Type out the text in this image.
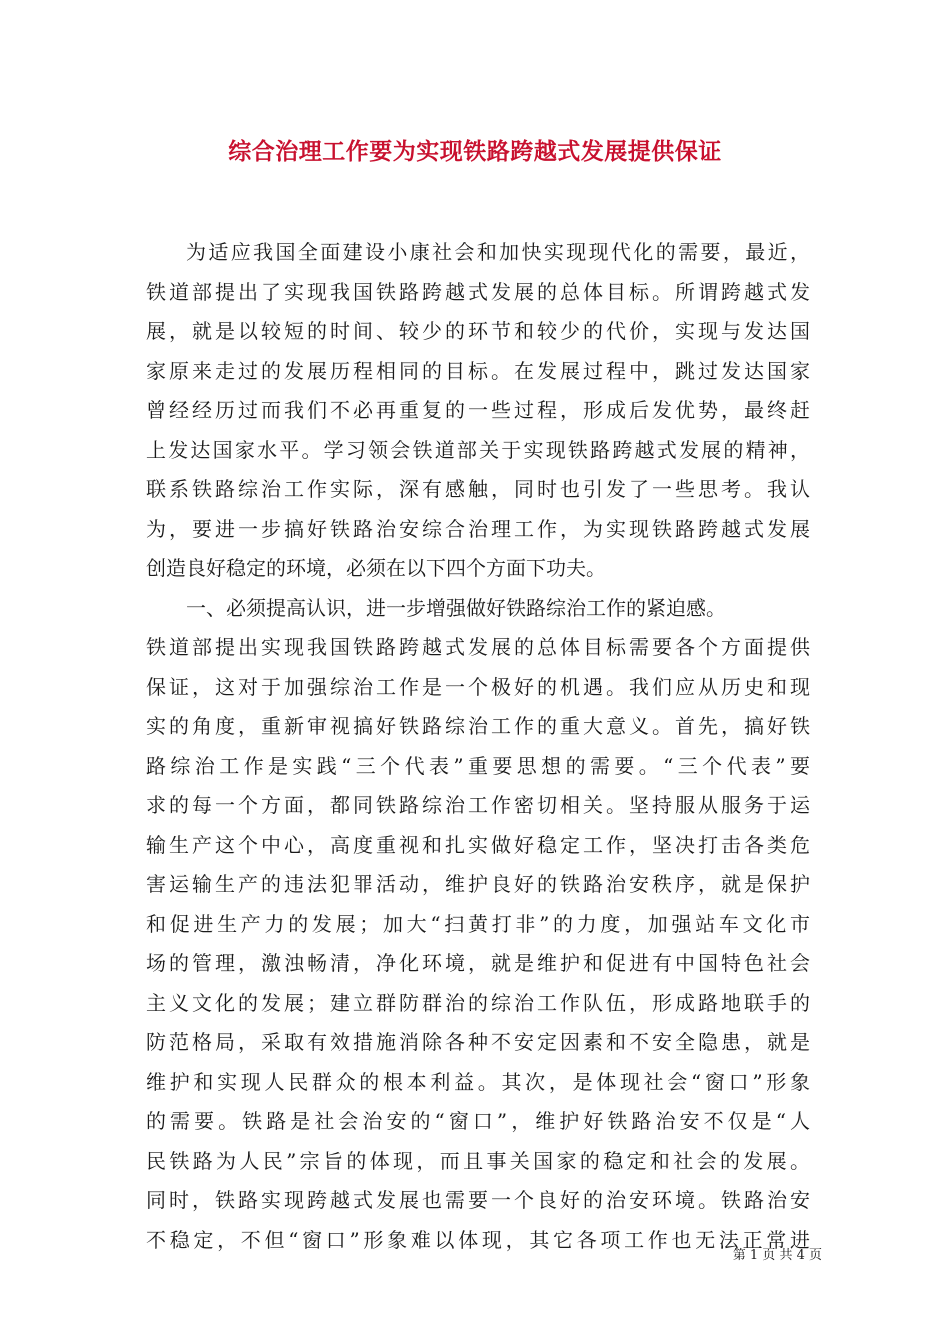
综合治理工作要为实现铁路跨越式发展提供保证
为适应我国全面建设小康社会和加快实现现代化的需要，最近，
铁道部提出了实现我国铁路跨越式发展的总体目标。所谓跨越式发
展，就是以较短的时间、较少的环节和较少的代价，实现与发达国
家原来走过的发展历程相同的目标。在发展过程中，跳过发达国家
曾经经历过而我们不必再重复的一些过程，形成后发优势，最终赶
上发达国家水平。学习领会铁道部关于实现铁路跨越式发展的精神，
联系铁路综治工作实际，深有感触，同时也引发了一些思考。我认
为，要进一步搞好铁路治安综合治理工作，为实现铁路跨越式发展
创造良好稳定的环境，必须在以下四个方面下功夫。
一、必须提高认识，进一步增强做好铁路综治工作的紧迫感。
铁道部提出实现我国铁路跨越式发展的总体目标需要各个方面提供
保证，这对于加强综治工作是一个极好的机遇。我们应从历史和现
实的角度，重新审视搞好铁路综治工作的重大意义。首先，搞好铁
路综治工作是实践“三个代表”重要思想的需要。“三个代表”要
求的每一个方面，都同铁路综治工作密切相关。坚持服从服务于运
输生产这个中心，高度重视和扎实做好稳定工作，坚决打击各类危
害运输生产的违法犯罪活动，维护良好的铁路治安秩序，就是保护
和促进生产力的发展；加大“扫黄打非”的力度，加强站车文化市
场的管理，激浊畅清，净化环境，就是维护和促进有中国特色社会
主义文化的发展；建立群防群治的综治工作队伍，形成路地联手的
防范格局，采取有效措施消除各种不安定因素和不安全隐患，就是
维护和实现人民群众的根本利益。其次，是体现社会“窗口”形象
的需要。铁路是社会治安的“窗口”，维护好铁路治安不仅是“人
民铁路为人民”宗旨的体现，而且事关国家的稳定和社会的发展。
同时，铁路实现跨越式发展也需要一个良好的治安环境。铁路治安
不稳定，不但“窗口”形象难以体现，其它各项工作也无法正常进
第 1 页 共 4 页
